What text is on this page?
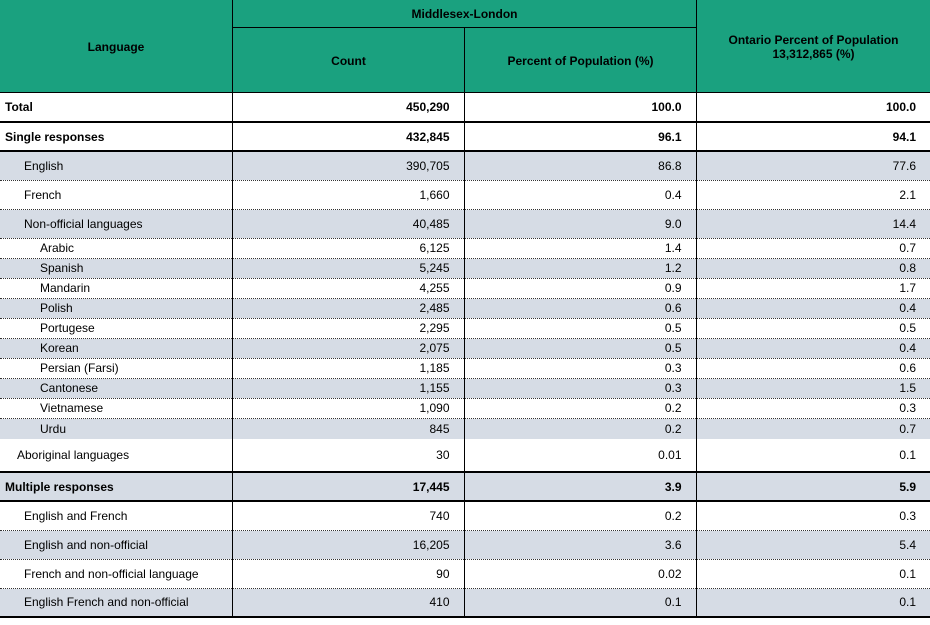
Language
Middlesex-London
Count	Percent of Population (%)
Ontario Percent of Population
13,312,865 (%)
Total	450,290	100.0	100.0
Single responses	432,845	96.1	94.1
English	390,705	86.8	77.6
French	1,660	0.4	2.1
Non-official languages	40,485	9.0	14.4
Arabic	6,125	1.4	0.7
Spanish	5,245	1.2	0.8
Mandarin	4,255	0.9	1.7
Polish	2,485	0.6	0.4
Portugese	2,295	0.5	0.5
Korean	2,075	0.5	0.4
Persian (Farsi)	1,185	0.3	0.6
Cantonese	1,155	0.3	1.5
Vietnamese	1,090	0.2	0.3
Urdu	845	0.2	0.7
Aboriginal languages	30	0.01	0.1
Multiple responses	17,445	3.9	5.9
English and French	740	0.2	0.3
English and non-official	16,205	3.6	5.4
French and non-official language	90	0.02	0.1
English French and non-official	410	0.1	0.1
